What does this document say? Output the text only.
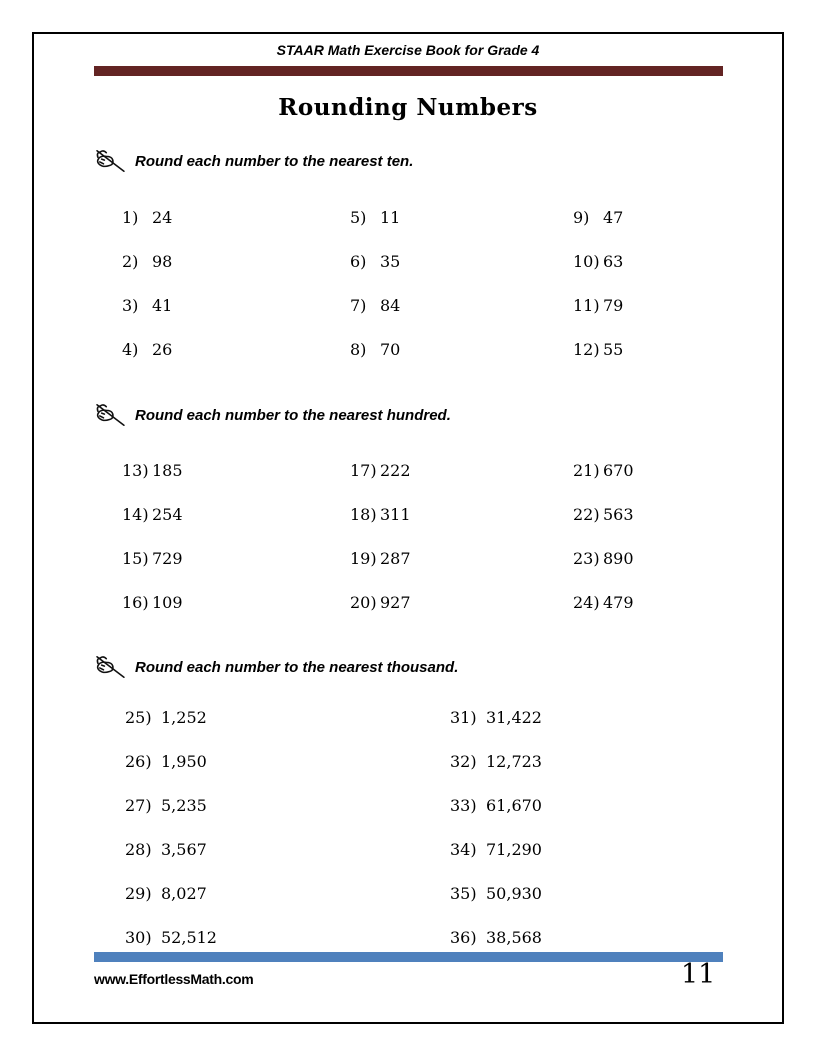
STAAR Math Exercise Book for Grade 4
Rounding Numbers
Round each number to the nearest ten.
1) 24	5) 11	9) 47
2) 98	6) 35	10) 63
3) 41	7) 84	11) 79
4) 26	8) 70	12) 55
Round each number to the nearest hundred.
13) 185	17) 222	21) 670
14) 254	18) 311	22) 563
15) 729	19) 287	23) 890
16) 109	20) 927	24) 479
Round each number to the nearest thousand.
25) 1,252	31) 31,422
26) 1,950	32) 12,723
27) 5,235	33) 61,670
28) 3,567	34) 71,290
29) 8,027	35) 50,930
30) 52,512	36) 38,568
www.EffortlessMath.com	11
